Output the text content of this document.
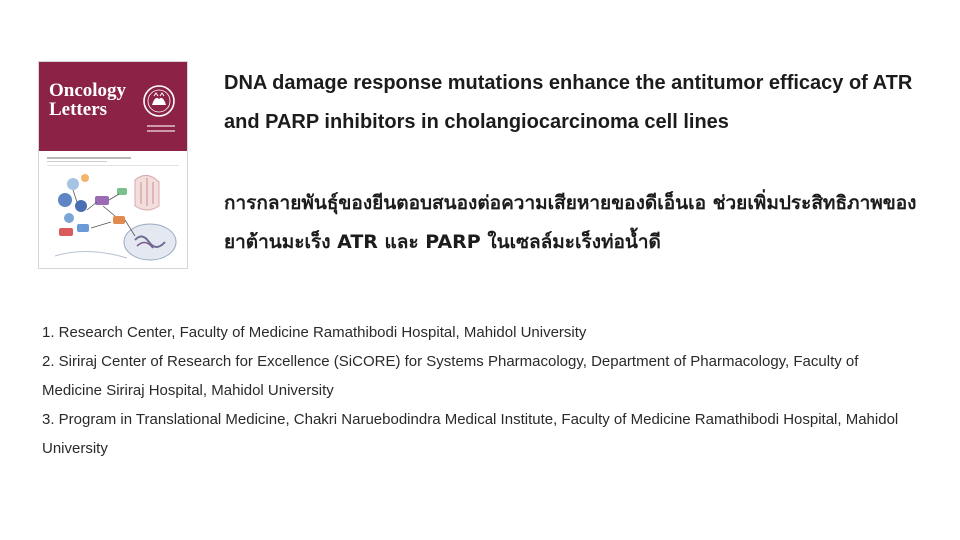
Oncology
Letters
DNA damage response mutations enhance the antitumor efficacy of ATR and PARP inhibitors in cholangiocarcinoma cell lines
การกลายพันธุ์ของยีนตอบสนองต่อความเสียหายของดีเอ็นเอ ช่วยเพิ่มประสิทธิภาพของยาต้านมะเร็ง ATR และ PARP ในเซลล์มะเร็งท่อน้ำดี

1. Research Center, Faculty of Medicine Ramathibodi Hospital, Mahidol University

2. Siriraj Center of Research for Excellence (SiCORE) for Systems Pharmacology, Department of Pharmacology, Faculty of Medicine Siriraj Hospital, Mahidol University

3. Program in Translational Medicine, Chakri Naruebodindra Medical Institute, Faculty of Medicine Ramathibodi Hospital, Mahidol University
